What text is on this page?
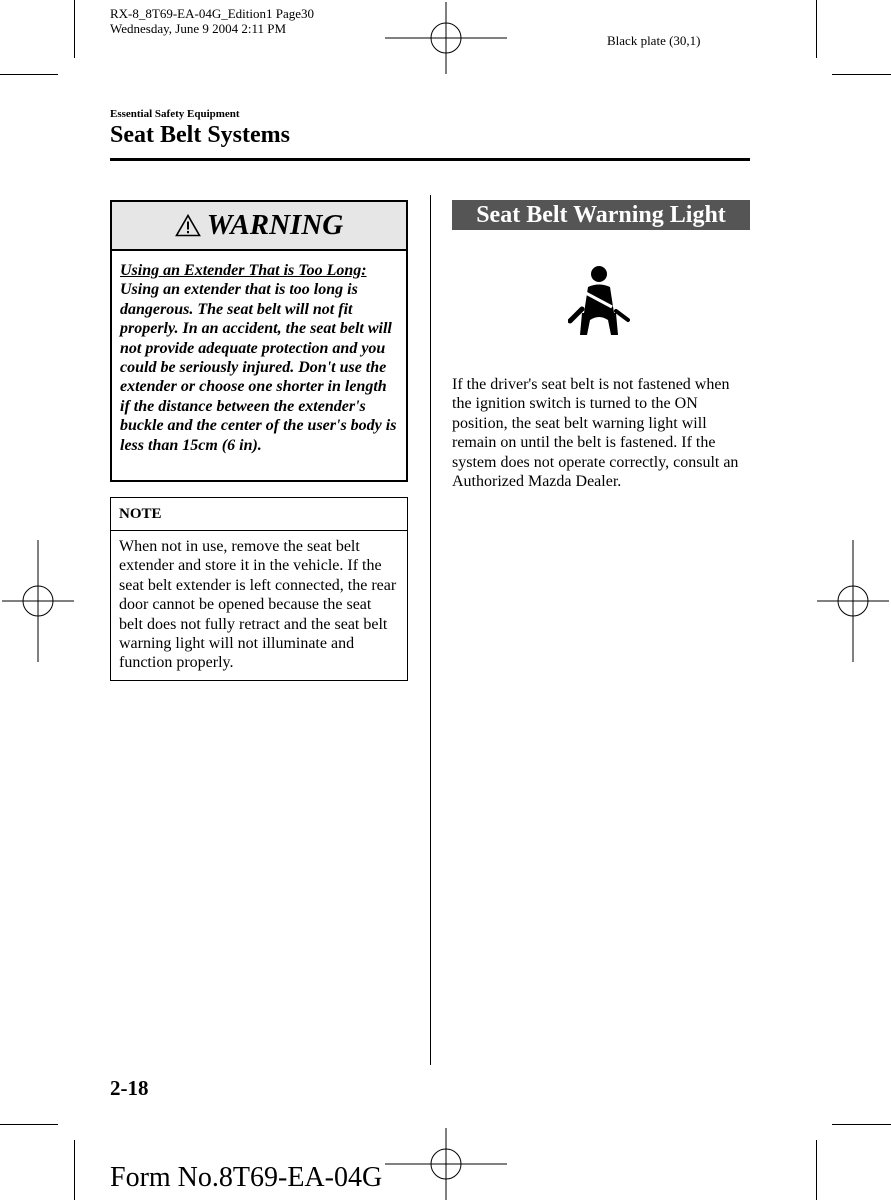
RX-8_8T69-EA-04G_Edition1 Page30
Wednesday, June 9 2004 2:11 PM
Black plate (30,1)
Essential Safety Equipment
Seat Belt Systems
WARNING
Using an Extender That is Too Long:
Using an extender that is too long is dangerous. The seat belt will not fit properly. In an accident, the seat belt will not provide adequate protection and you could be seriously injured. Don't use the extender or choose one shorter in length if the distance between the extender's buckle and the center of the user's body is less than 15cm (6 in).
NOTE
When not in use, remove the seat belt extender and store it in the vehicle. If the seat belt extender is left connected, the rear door cannot be opened because the seat belt does not fully retract and the seat belt warning light will not illuminate and function properly.
Seat Belt Warning Light
If the driver's seat belt is not fastened when the ignition switch is turned to the ON position, the seat belt warning light will remain on until the belt is fastened. If the system does not operate correctly, consult an Authorized Mazda Dealer.
2-18
Form No.8T69-EA-04G
